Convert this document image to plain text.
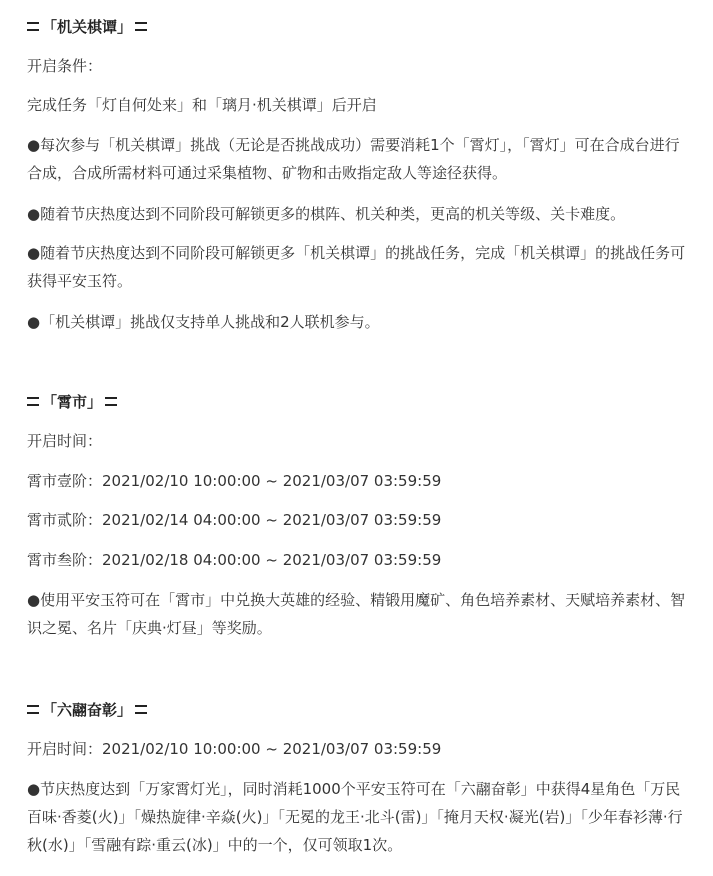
「机关棋谭」
开启条件：
完成任务「灯自何处来」和「璃月·机关棋谭」后开启

●每次参与「机关棋谭」挑战（无论是否挑战成功）需要消耗1个「霄灯」，「霄灯」可在合成台进行合成，合成所需材料可通过采集植物、矿物和击败指定敌人等途径获得。

●随着节庆热度达到不同阶段可解锁更多的棋阵、机关种类，更高的机关等级、关卡难度。

●随着节庆热度达到不同阶段可解锁更多「机关棋谭」的挑战任务，完成「机关棋谭」的挑战任务可获得平安玉符。

●「机关棋谭」挑战仅支持单人挑战和2人联机参与。

「霄市」
开启时间：
霄市壹阶：2021/02/10 10:00:00 ~ 2021/03/07 03:59:59
霄市贰阶：2021/02/14 04:00:00 ~ 2021/03/07 03:59:59
霄市叁阶：2021/02/18 04:00:00 ~ 2021/03/07 03:59:59

●使用平安玉符可在「霄市」中兑换大英雄的经验、精锻用魔矿、角色培养素材、天赋培养素材、智识之冕、名片「庆典·灯昼」等奖励。

「六翮奋彰」
开启时间：2021/02/10 10:00:00 ~ 2021/03/07 03:59:59

●节庆热度达到「万家霄灯光」，同时消耗1000个平安玉符可在「六翮奋彰」中获得4星角色「万民百味·香菱(火)」「燥热旋律·辛焱(火)」「无冕的龙王·北斗(雷)」「掩月天权·凝光(岩)」「少年春衫薄·行秋(水)」「雪融有踪·重云(冰)」中的一个，仅可领取1次。
